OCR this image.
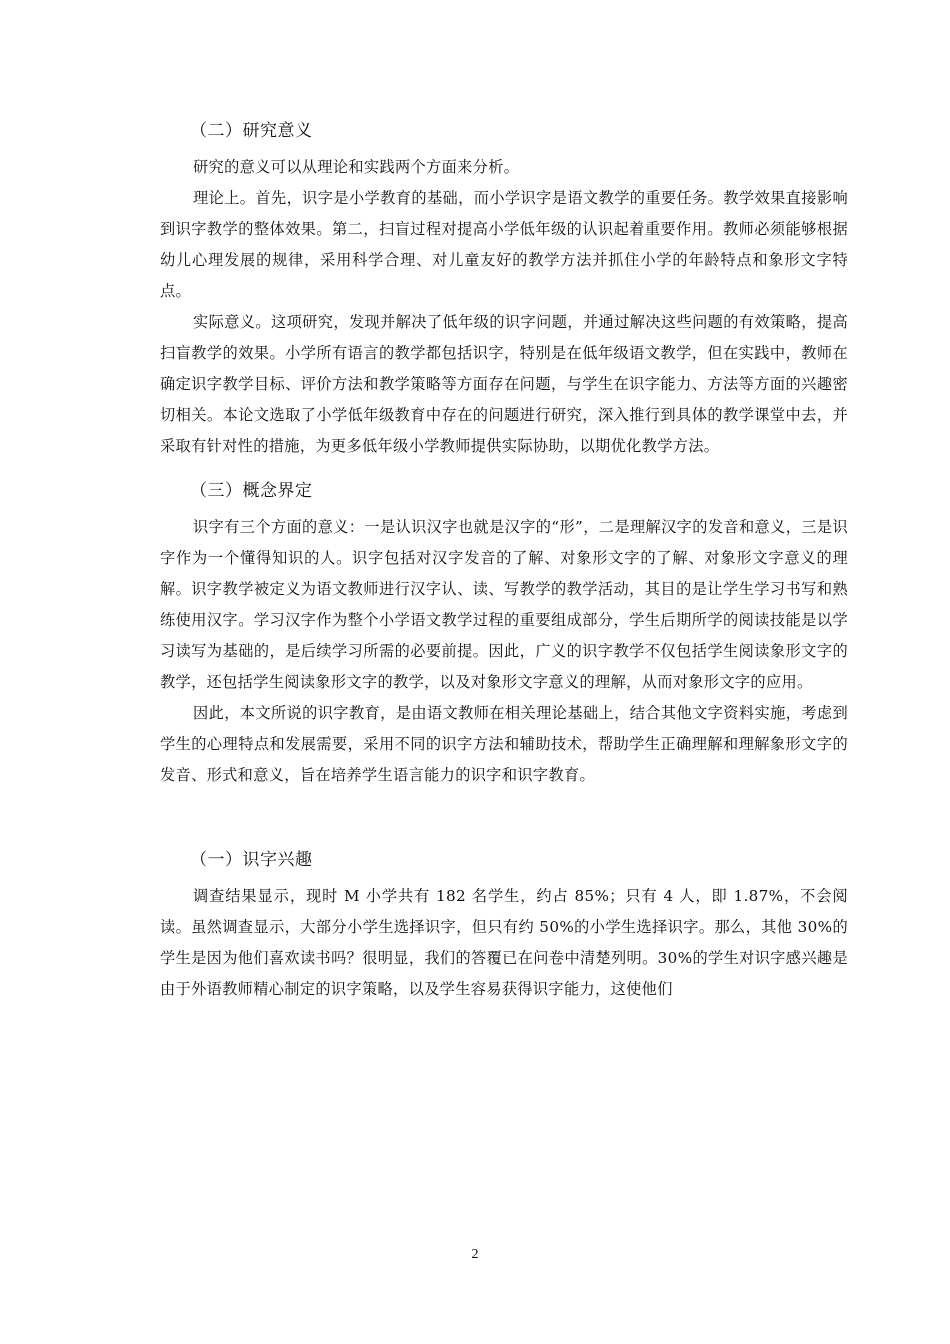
（二）研究意义

研究的意义可以从理论和实践两个方面来分析。

理论上。首先，识字是小学教育的基础，而小学识字是语文教学的重要任务。教学效果直接影响到识字教学的整体效果。第二，扫盲过程对提高小学低年级的认识起着重要作用。教师必须能够根据幼儿心理发展的规律，采用科学合理、对儿童友好的教学方法并抓住小学的年龄特点和象形文字特点。

实际意义。这项研究，发现并解决了低年级的识字问题，并通过解决这些问题的有效策略，提高扫盲教学的效果。小学所有语言的教学都包括识字，特别是在低年级语文教学，但在实践中，教师在确定识字教学目标、评价方法和教学策略等方面存在问题，与学生在识字能力、方法等方面的兴趣密切相关。本论文选取了小学低年级教育中存在的问题进行研究，深入推行到具体的教学课堂中去，并采取有针对性的措施，为更多低年级小学教师提供实际协助，以期优化教学方法。

（三）概念界定

识字有三个方面的意义：一是认识汉字也就是汉字的“形”，二是理解汉字的发音和意义，三是识字作为一个懂得知识的人。识字包括对汉字发音的了解、对象形文字的了解、对象形文字意义的理解。识字教学被定义为语文教师进行汉字认、读、写教学的教学活动，其目的是让学生学习书写和熟练使用汉字。学习汉字作为整个小学语文教学过程的重要组成部分，学生后期所学的阅读技能是以学习读写为基础的，是后续学习所需的必要前提。因此，广义的识字教学不仅包括学生阅读象形文字的教学，还包括学生阅读象形文字的教学，以及对象形文字意义的理解，从而对象形文字的应用。

因此，本文所说的识字教育，是由语文教师在相关理论基础上，结合其他文字资料实施，考虑到学生的心理特点和发展需要，采用不同的识字方法和辅助技术，帮助学生正确理解和理解象形文字的发音、形式和意义，旨在培养学生语言能力的识字和识字教育。

（一）识字兴趣

调查结果显示，现时 M 小学共有 182 名学生，约占 85%；只有 4 人，即 1.87%，不会阅读。虽然调查显示，大部分小学生选择识字，但只有约 50%的小学生选择识字。那么，其他 30%的学生是因为他们喜欢读书吗？很明显，我们的答覆已在问卷中清楚列明。30%的学生对识字感兴趣是由于外语教师精心制定的识字策略，以及学生容易获得识字能力，这使他们

2
